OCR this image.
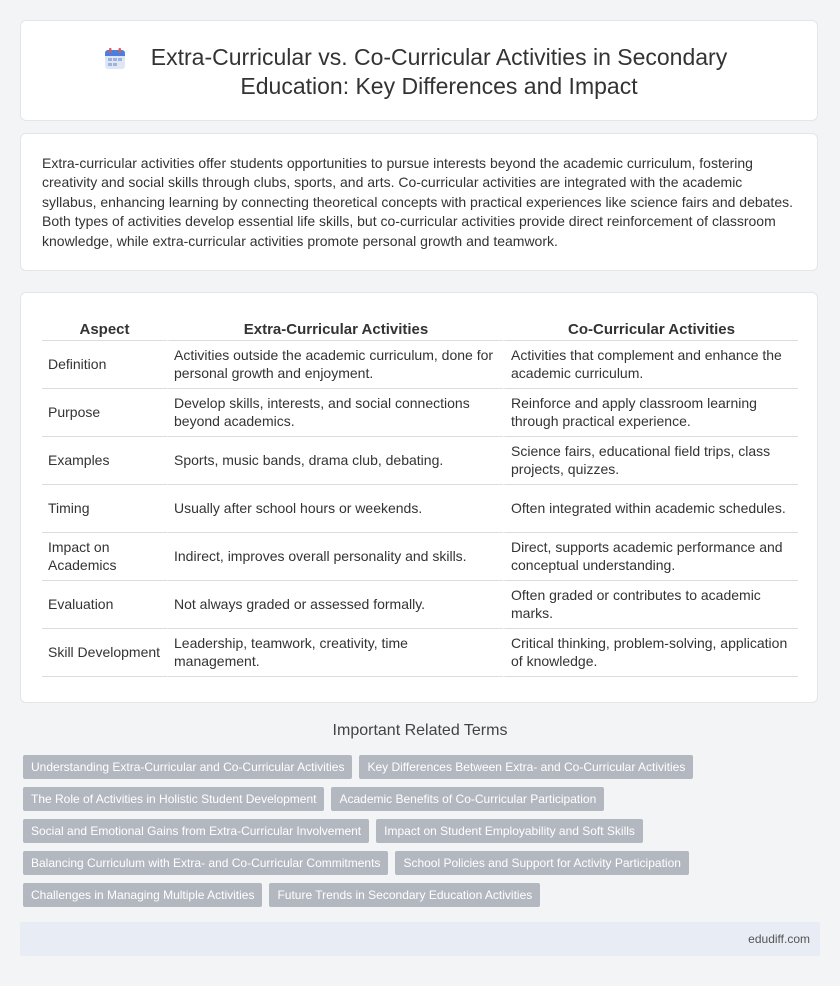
Extra-Curricular vs. Co-Curricular Activities in Secondary Education: Key Differences and Impact
Extra-curricular activities offer students opportunities to pursue interests beyond the academic curriculum, fostering creativity and social skills through clubs, sports, and arts. Co-curricular activities are integrated with the academic syllabus, enhancing learning by connecting theoretical concepts with practical experiences like science fairs and debates. Both types of activities develop essential life skills, but co-curricular activities provide direct reinforcement of classroom knowledge, while extra-curricular activities promote personal growth and teamwork.
Aspect	Extra-Curricular Activities	Co-Curricular Activities
Definition	Activities outside the academic curriculum, done for personal growth and enjoyment.	Activities that complement and enhance the academic curriculum.
Purpose	Develop skills, interests, and social connections beyond academics.	Reinforce and apply classroom learning through practical experience.
Examples	Sports, music bands, drama club, debating.	Science fairs, educational field trips, class projects, quizzes.
Timing	Usually after school hours or weekends.	Often integrated within academic schedules.
Impact on Academics	Indirect, improves overall personality and skills.	Direct, supports academic performance and conceptual understanding.
Evaluation	Not always graded or assessed formally.	Often graded or contributes to academic marks.
Skill Development	Leadership, teamwork, creativity, time management.	Critical thinking, problem-solving, application of knowledge.
Important Related Terms
Understanding Extra-Curricular and Co-Curricular Activities	Key Differences Between Extra- and Co-Curricular Activities
The Role of Activities in Holistic Student Development	Academic Benefits of Co-Curricular Participation
Social and Emotional Gains from Extra-Curricular Involvement	Impact on Student Employability and Soft Skills
Balancing Curriculum with Extra- and Co-Curricular Commitments	School Policies and Support for Activity Participation
Challenges in Managing Multiple Activities	Future Trends in Secondary Education Activities
edudiff.com
